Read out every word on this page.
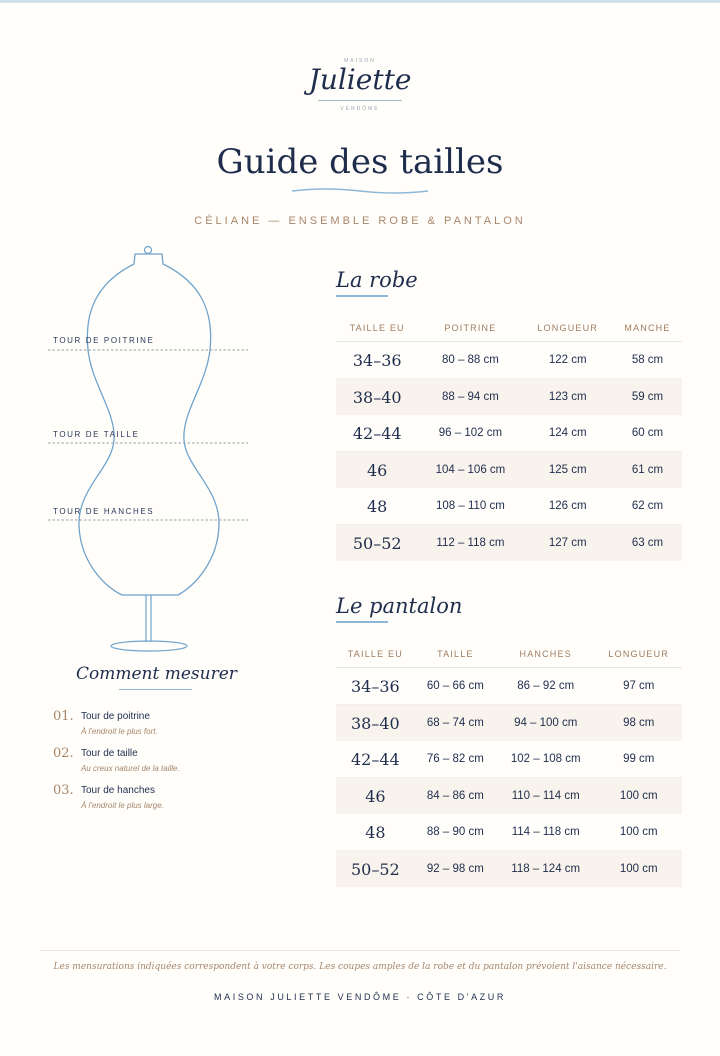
MAISON
Juliette
VENDÔME
Guide des tailles
CÉLIANE — ENSEMBLE ROBE & PANTALON
TOUR DE POITRINE
TOUR DE TAILLE
TOUR DE HANCHES
La robe
TAILLE EU	POITRINE	LONGUEUR	MANCHE
34–36	80 – 88 cm	122 cm	58 cm
38–40	88 – 94 cm	123 cm	59 cm
42–44	96 – 102 cm	124 cm	60 cm
46	104 – 106 cm	125 cm	61 cm
48	108 – 110 cm	126 cm	62 cm
50–52	112 – 118 cm	127 cm	63 cm
Le pantalon
TAILLE EU	TAILLE	HANCHES	LONGUEUR
34–36	60 – 66 cm	86 – 92 cm	97 cm
38–40	68 – 74 cm	94 – 100 cm	98 cm
42–44	76 – 82 cm	102 – 108 cm	99 cm
46	84 – 86 cm	110 – 114 cm	100 cm
48	88 – 90 cm	114 – 118 cm	100 cm
50–52	92 – 98 cm	118 – 124 cm	100 cm
Comment mesurer
01. Tour de poitrine
À l'endroit le plus fort.
02. Tour de taille
Au creux naturel de la taille.
03. Tour de hanches
À l'endroit le plus large.
Les mensurations indiquées correspondent à votre corps. Les coupes amples de la robe et du pantalon prévoient l'aisance nécessaire.
MAISON JULIETTE VENDÔME · CÔTE D'AZUR
